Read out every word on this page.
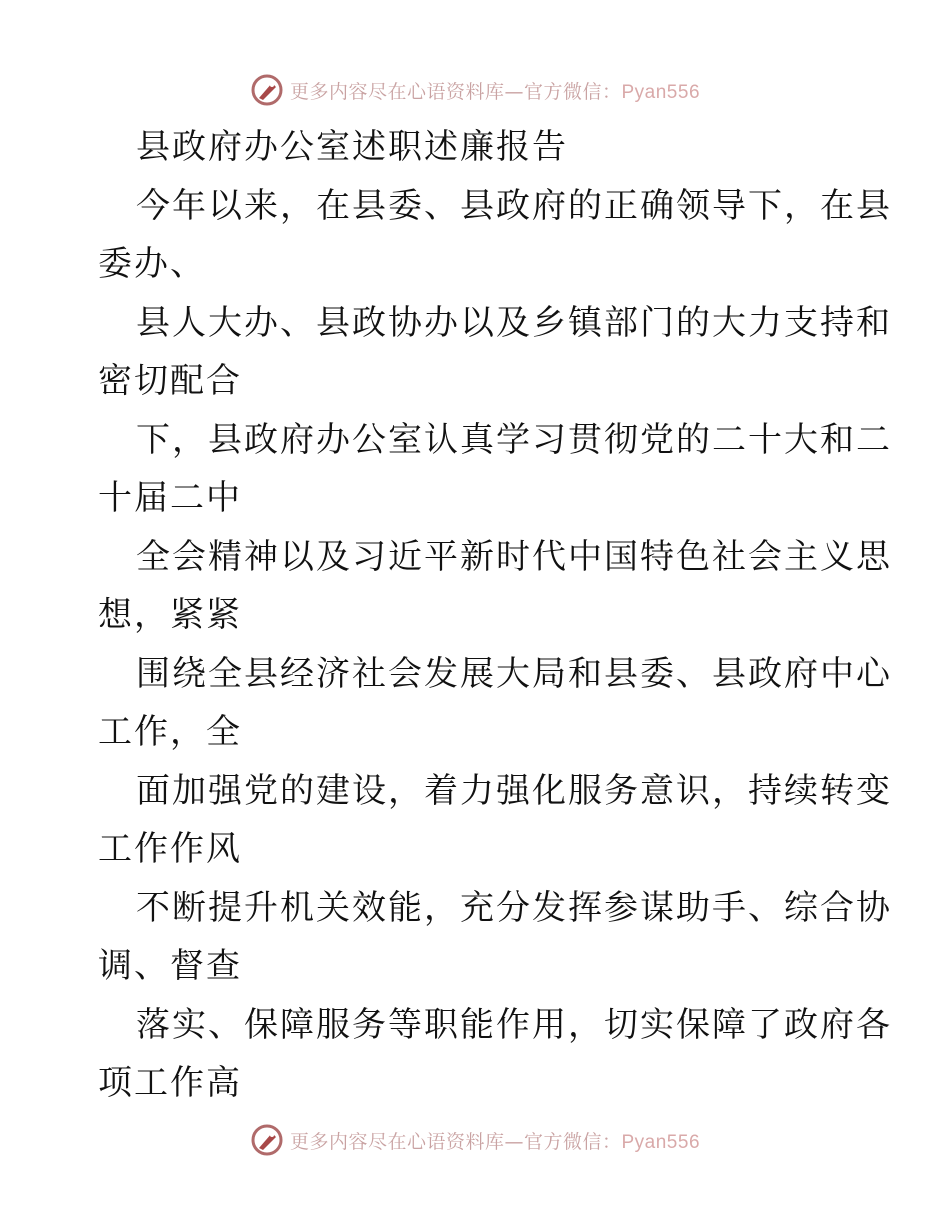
更多内容尽在心语资料库—官方微信：Pyan556
县政府办公室述职述廉报告
今年以来，在县委、县政府的正确领导下，在县
委办、
县人大办、县政协办以及乡镇部门的大力支持和
密切配合
下，县政府办公室认真学习贯彻党的二十大和二
十届二中
全会精神以及习近平新时代中国特色社会主义思
想，紧紧
围绕全县经济社会发展大局和县委、县政府中心
工作，全
面加强党的建设，着力强化服务意识，持续转变
工作作风
不断提升机关效能，充分发挥参谋助手、综合协
调、督查
落实、保障服务等职能作用，切实保障了政府各
项工作高
更多内容尽在心语资料库—官方微信：Pyan556
